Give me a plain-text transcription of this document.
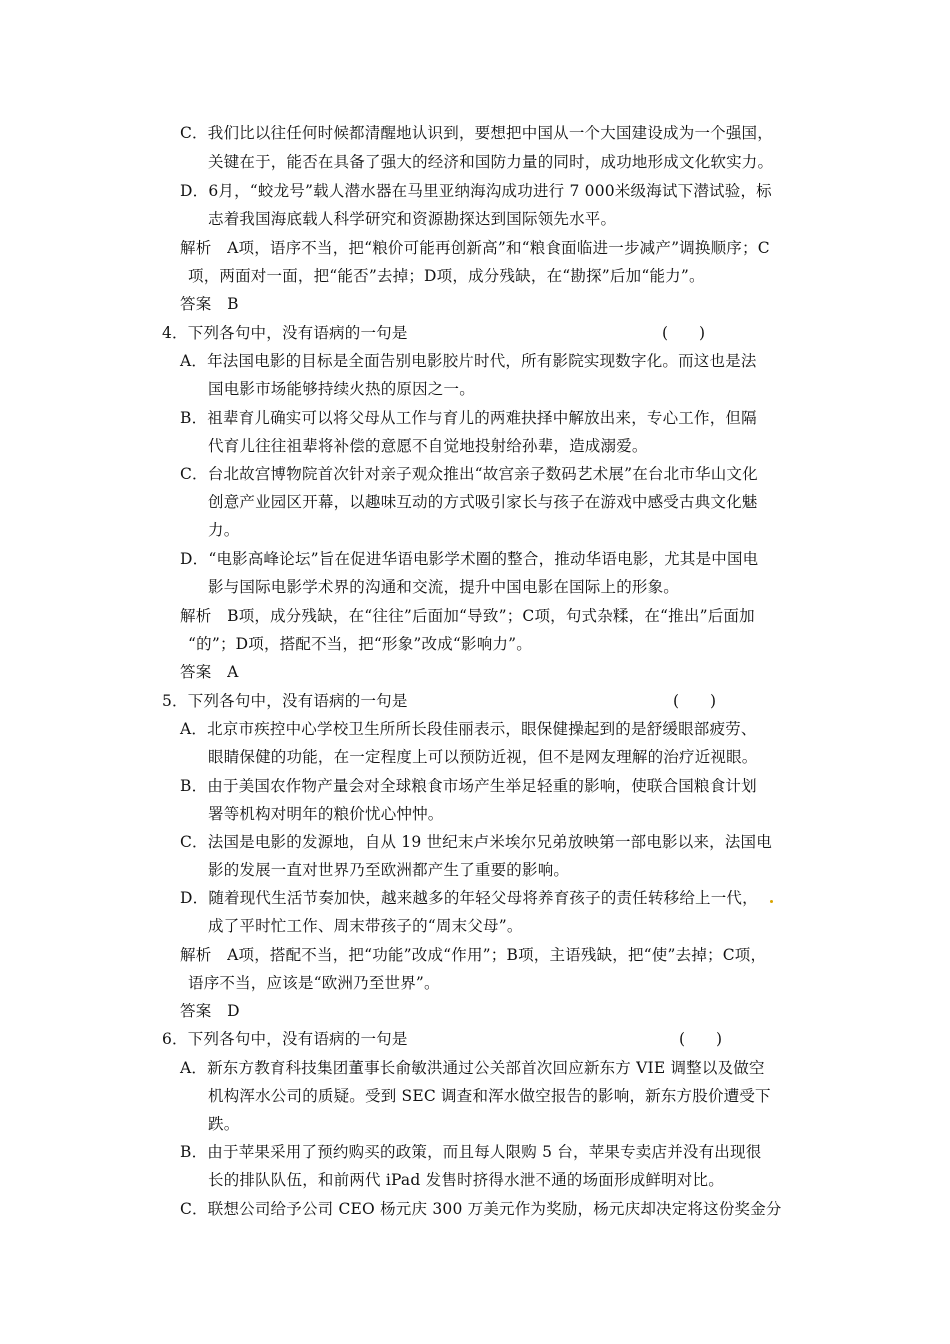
C．我们比以往任何时候都清醒地认识到，要想把中国从一个大国建设成为一个强国，
关键在于，能否在具备了强大的经济和国防力量的同时，成功地形成文化软实力。
D．6月，“蛟龙号”载人潜水器在马里亚纳海沟成功进行 7 000米级海试下潜试验，标
志着我国海底载人科学研究和资源勘探达到国际领先水平。
解析　A项，语序不当，把“粮价可能再创新高”和“粮食面临进一步减产”调换顺序；C
项，两面对一面，把“能否”去掉；D项，成分残缺，在“勘探”后加“能力”。
答案　B
4．下列各句中，没有语病的一句是	(　　)
A．年法国电影的目标是全面告别电影胶片时代，所有影院实现数字化。而这也是法
国电影市场能够持续火热的原因之一。
B．祖辈育儿确实可以将父母从工作与育儿的两难抉择中解放出来，专心工作，但隔
代育儿往往祖辈将补偿的意愿不自觉地投射给孙辈，造成溺爱。
C．台北故宫博物院首次针对亲子观众推出“故宫亲子数码艺术展”在台北市华山文化
创意产业园区开幕，以趣味互动的方式吸引家长与孩子在游戏中感受古典文化魅
力。
D．“电影高峰论坛”旨在促进华语电影学术圈的整合，推动华语电影，尤其是中国电
影与国际电影学术界的沟通和交流，提升中国电影在国际上的形象。
解析　B项，成分残缺，在“往往”后面加“导致”；C项，句式杂糅，在“推出”后面加
“的”；D项，搭配不当，把“形象”改成“影响力”。
答案　A
5．下列各句中，没有语病的一句是	(　　)
A．北京市疾控中心学校卫生所所长段佳丽表示，眼保健操起到的是舒缓眼部疲劳、
眼睛保健的功能，在一定程度上可以预防近视，但不是网友理解的治疗近视眼。
B．由于美国农作物产量会对全球粮食市场产生举足轻重的影响，使联合国粮食计划
署等机构对明年的粮价忧心忡忡。
C．法国是电影的发源地，自从 19 世纪末卢米埃尔兄弟放映第一部电影以来，法国电
影的发展一直对世界乃至欧洲都产生了重要的影响。
D．随着现代生活节奏加快，越来越多的年轻父母将养育孩子的责任转移给上一代，
成了平时忙工作、周末带孩子的“周末父母”。
解析　A项，搭配不当，把“功能”改成“作用”；B项，主语残缺，把“使”去掉；C项，
语序不当，应该是“欧洲乃至世界”。
答案　D
6．下列各句中，没有语病的一句是	(　　)
A．新东方教育科技集团董事长俞敏洪通过公关部首次回应新东方 VIE 调整以及做空
机构浑水公司的质疑。受到 SEC 调查和浑水做空报告的影响，新东方股价遭受下
跌。
B．由于苹果采用了预约购买的政策，而且每人限购 5 台，苹果专卖店并没有出现很
长的排队队伍，和前两代 iPad 发售时挤得水泄不通的场面形成鲜明对比。
C．联想公司给予公司 CEO 杨元庆 300 万美元作为奖励，杨元庆却决定将这份奖金分
